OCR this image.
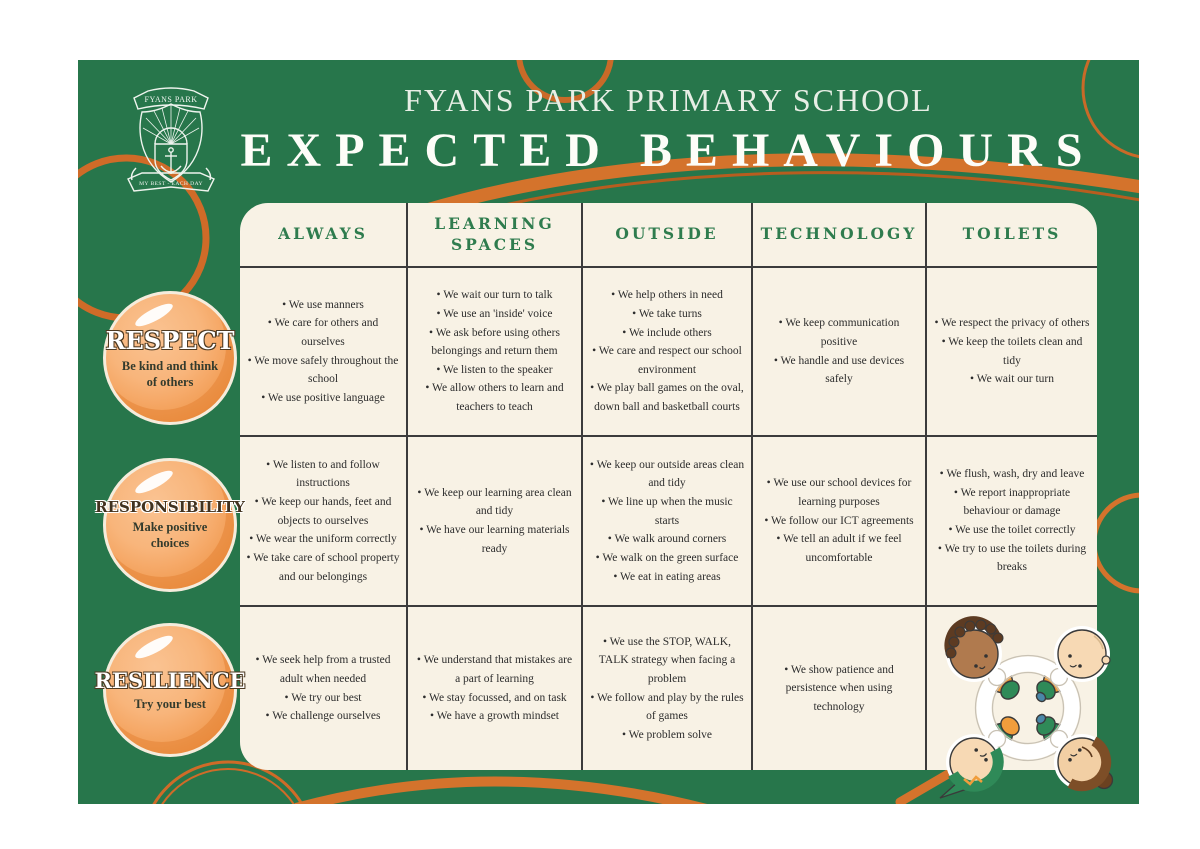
FYANS PARK
MY BEST - EACH DAY
FYANS PARK PRIMARY SCHOOL
EXPECTED BEHAVIOURS
ALWAYS
LEARNING SPACES
OUTSIDE	TECHNOLOGY	TOILETS
• We use manners
• We care for others and ourselves
• We move safely throughout the school
• We use positive language
• We wait our turn to talk
• We use an 'inside' voice
• We ask before using others belongings and return them
• We listen to the speaker
• We allow others to learn and teachers to teach
• We help others in need
• We take turns
• We include others
• We care and respect our school environment
• We play ball games on the oval, down ball and basketball courts
• We keep communication positive
• We handle and use devices safely
• We respect the privacy of others
• We keep the toilets clean and tidy
• We wait our turn
• We listen to and follow instructions
• We keep our hands, feet and objects to ourselves
• We wear the uniform correctly
• We take care of school property and our belongings
• We keep our learning area clean and tidy
• We have our learning materials ready
• We keep our outside areas clean and tidy
• We line up when the music starts
• We walk around corners
• We walk on the green surface
• We eat in eating areas
• We use our school devices for learning purposes
• We follow our ICT agreements
• We tell an adult if we feel uncomfortable
• We flush, wash, dry and leave
• We report inappropriate behaviour or damage
• We use the toilet correctly
• We try to use the toilets during breaks
• We seek help from a trusted adult when needed
• We try our best
• We challenge ourselves
• We understand that mistakes are a part of learning
• We stay focussed, and on task
• We have a growth mindset
• We use the STOP, WALK, TALK strategy when facing a problem
• We follow and play by the rules of games
• We problem solve
• We show patience and persistence when using technology
RESPECT
Be kind and think of others
RESPONSIBILITY
Make positive choices
RESILIENCE
Try your best
